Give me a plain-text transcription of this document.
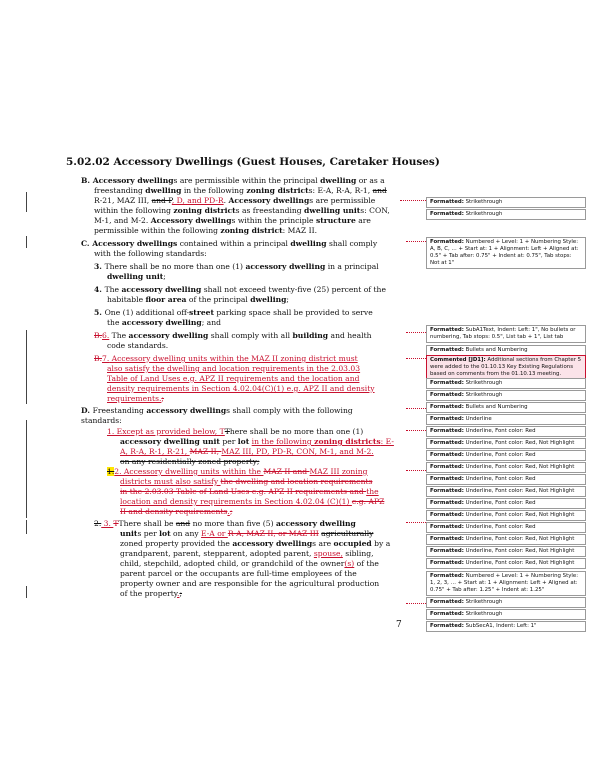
5.02.02 Accessory Dwellings (Guest Houses, Caretaker Houses)
B. Accessory dwellings are permissible within the principal dwelling or as a
freestanding dwelling in the following zoning districts: E-A, R-A, R-1, and
R-21, MAZ III, and P, D, and PD-R. Accessory dwellings are permissible
within the following zoning districts as freestanding dwelling units: CON,
M-1, and M-2. Accessory dwellings within the principle structure are
permissible within the following zoning district: MAZ II.
C. Accessory dwellings contained within a principal dwelling shall comply
with the following standards:
3. There shall be no more than one (1) accessory dwelling in a principal
dwelling unit;
4. The accessory dwelling shall not exceed twenty-five (25) percent of the
habitable floor area of the principal dwelling;
5. One (1) additional off-street parking space shall be provided to serve
the accessory dwelling; and
B.6. The accessory dwelling shall comply with all building and health
code standards.
B.7. Accessory dwelling units within the MAZ II zoning district must
also satisfy the dwelling and location requirements in the 2.03.03
Table of Land Uses e.g. APZ II requirements and the location and
density requirements in Section 4.02.04(C)(1) e.g. APZ II and density
requirements.;
D. Freestanding accessory dwellings shall comply with the following
standards:
1. Except as provided below, TThere shall be no more than one (1)
accessory dwelling unit per lot in the following zoning districts: E-
A, R-A, R-1, R-21, MAZ II, MAZ III, PD, PD-R, CON, M-1, and M-2.
on any residentially zoned property;
1.2. Accessory dwelling units within the MAZ II and MAZ III zoning
districts must also satisfy the dwelling and location requirements
in the 2.03.03 Table of Land Uses e.g. APZ II requirements and the
location and density requirements in Section 4.02.04 (C)(1) e.g. APZ
II and density requirements.;
2. 3. TThere shall be and no more than five (5) accessory dwelling
units per lot on any E-A or R-A, MAZ II, or MAZ III agriculturally
zoned property provided the accessory dwellings are occupied by a
grandparent, parent, stepparent, adopted parent, spouse, sibling,
child, stepchild, adopted child, or grandchild of the owner(s) of the
parent parcel or the occupants are full-time employees of the
property owner and are responsible for the agricultural production
of the property.;
Formatted: Strikethrough
Formatted: Strikethrough
Formatted: Numbered + Level: 1 + Numbering Style: A, B, C, … + Start at: 1 + Alignment: Left + Aligned at: 0.5" + Tab after: 0.75" + Indent at: 0.75", Tab stops: Not at 1"
Formatted: SubA1Text, Indent: Left: 1", No bullets or numbering, Tab stops: 0.5", List tab + 1", List tab
Formatted: Bullets and Numbering
Commented [JD1]: Additional sections from Chapter 5 were added to the 01.10.13 Key Existing Regulations based on comments from the 01.10.13 meeting.
Formatted: Strikethrough
Formatted: Strikethrough
Formatted: Bullets and Numbering
Formatted: Underline
Formatted: Underline, Font color: Red
Formatted: Underline, Font color: Red, Not Highlight
Formatted: Underline, Font color: Red
Formatted: Underline, Font color: Red, Not Highlight
Formatted: Underline, Font color: Red
Formatted: Underline, Font color: Red, Not Highlight
Formatted: Underline, Font color: Red
Formatted: Underline, Font color: Red, Not Highlight
Formatted: Underline, Font color: Red
Formatted: Underline, Font color: Red, Not Highlight
Formatted: Underline, Font color: Red, Not Highlight
Formatted: Underline, Font color: Red, Not Highlight
Formatted: Numbered + Level: 1 + Numbering Style: 1, 2, 3, … + Start at: 1 + Alignment: Left + Aligned at: 0.75" + Tab after: 1.25" + Indent at: 1.25"
Formatted: Strikethrough
Formatted: Strikethrough
Formatted: SubSecA1, Indent: Left: 1"
7
